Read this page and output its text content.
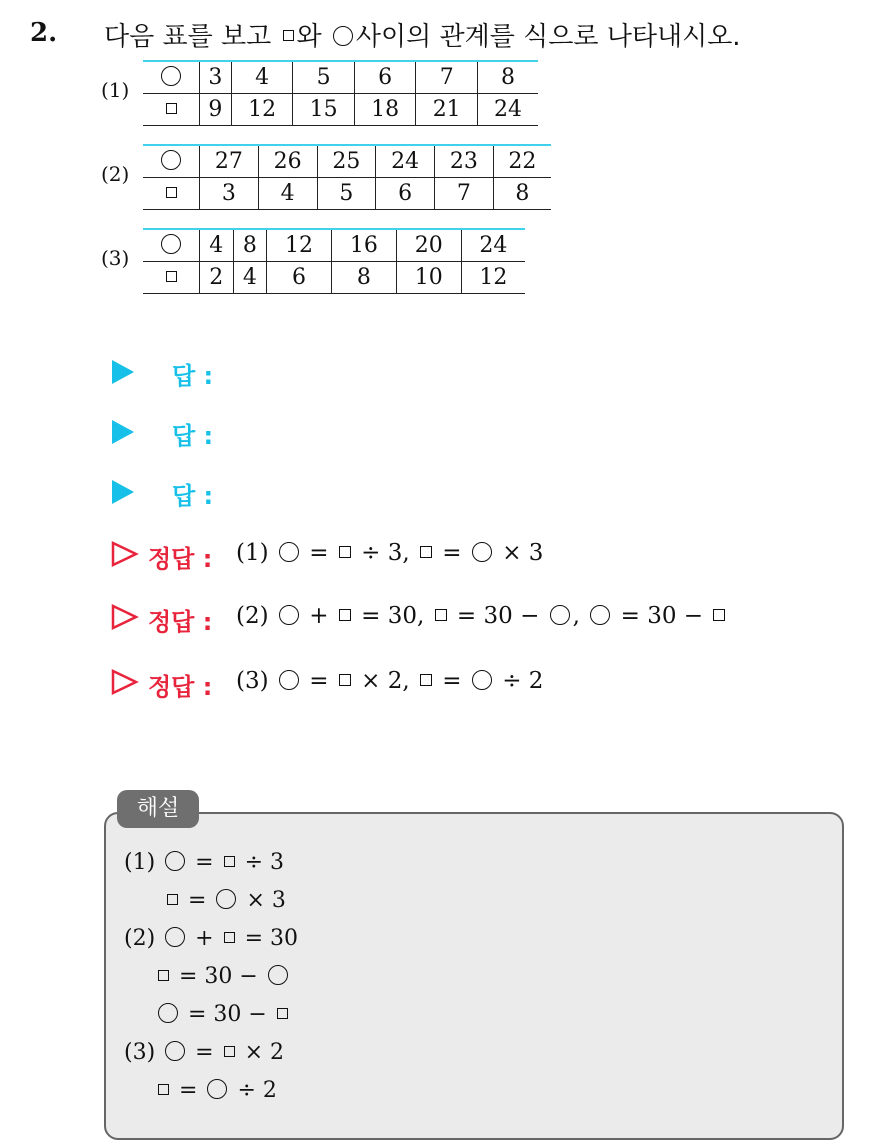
2. 다음 표를 보고 와 사이의 관계를 식으로 나타내시오.
(1)
		3	4	5	6	7	8
	9	12	15	18	21	24
(2)
		27	26	25	24	23	22
	3	4	5	6	7	8
(3)
		4	8	12	16	20	24
	2	4	6	8	10	12
답 :
답 :
답 :
정답 : (1) =  ÷ 3, =  × 3
정답 : (2) +  = 30, = 30 − , = 30 −
정답 : (3) =  × 2, =  ÷ 2
해설
(1) = ÷ 3
= × 3
(2) + = 30
= 30 −
= 30 −
(3) = × 2
= ÷ 2
